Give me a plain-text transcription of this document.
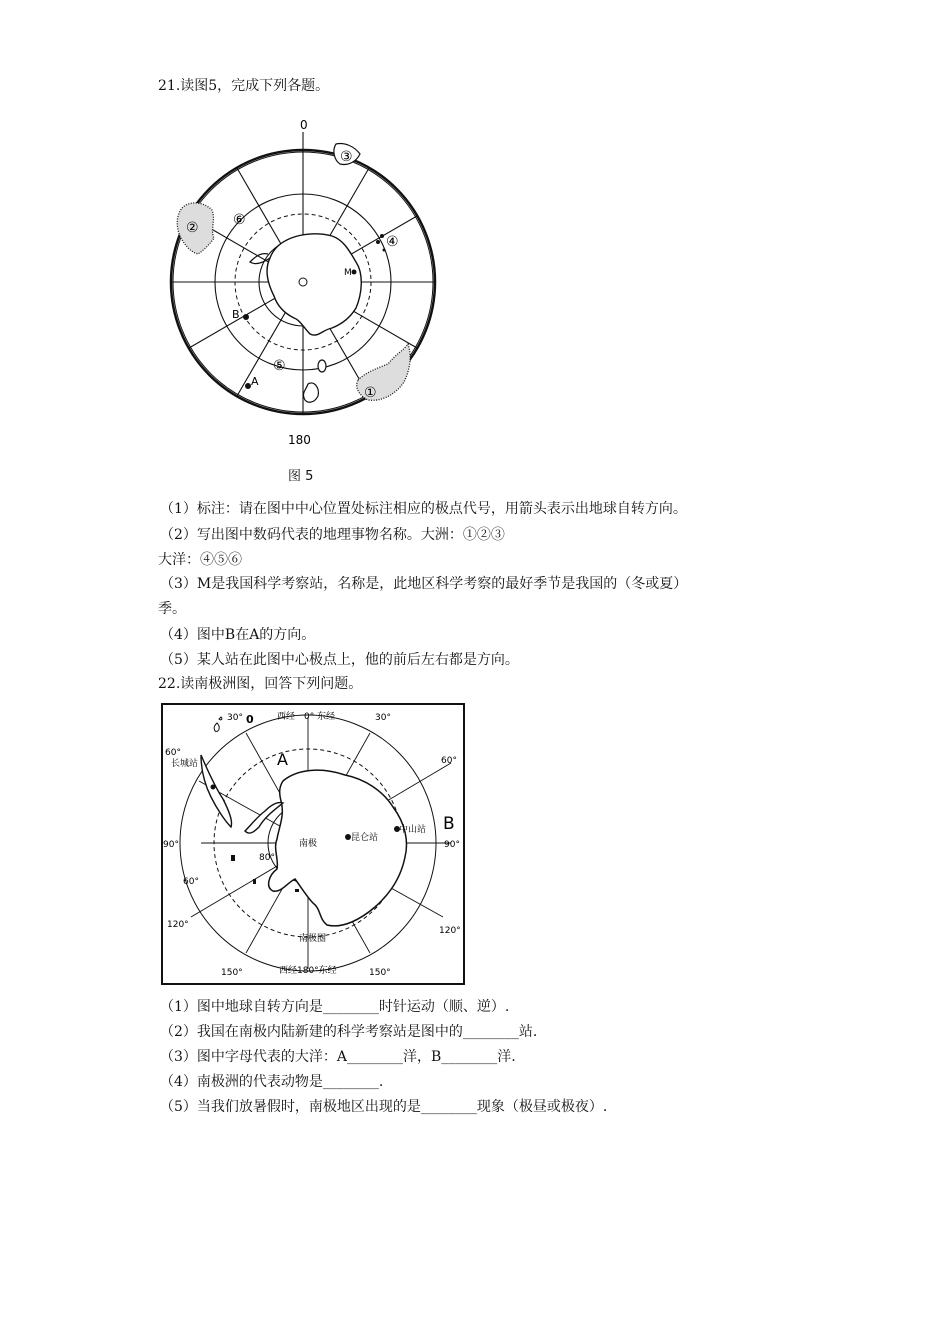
21.读图5，完成下列各题。
0
180
③
② ⑥
④
⑤
①
A
B
M
图 5
（1）标注：请在图中中心位置处标注相应的极点代号，用箭头表示出地球自转方向。
（2）写出图中数码代表的地理事物名称。大洲：①②③
大洋：④⑤⑥
（3）M是我国科学考察站，名称是，此地区科学考察的最好季节是我国的（冬或夏）
季。
（4）图中B在A的方向。
（5）某人站在此图中心极点上，他的前后左右都是方向。
22.读南极洲图，回答下列问题。
30° 0	西经 0° 东经	30°
60°
长城站	60°
A
B
昆仑站
中山站
90°	90°
南极
80°
60°
120°
120°
南极圈
150°	西经180°东经	150°
（1）图中地球自转方向是________时针运动（顺、逆）.
（2）我国在南极内陆新建的科学考察站是图中的________站.
（3）图中字母代表的大洋：A________洋，B________洋.
（4）南极洲的代表动物是________.
（5）当我们放暑假时，南极地区出现的是________现象（极昼或极夜）.
